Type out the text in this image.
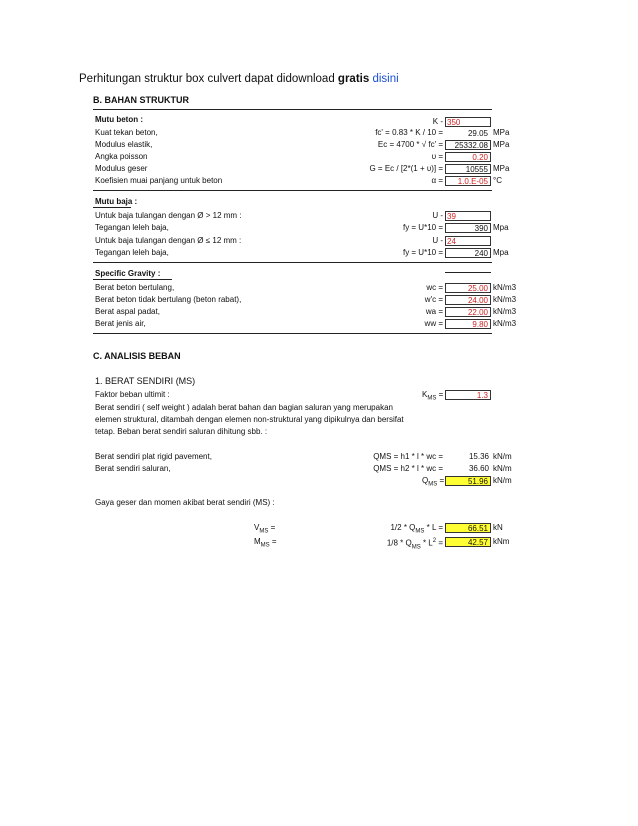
Perhitungan struktur box culvert dapat didownload gratis disini
B. BAHAN STRUKTUR
Mutu beton :	K - 350
Kuat tekan beton,	fc' = 0.83 * K / 10 =	29.05 MPa
Modulus elastik,	Ec = 4700 * √ fc' =	25332.08 MPa
Angka poisson	υ =	0.20
Modulus geser	G = Ec / [2*(1 + υ)] =	10555 MPa
Koefisien muai panjang untuk beton	α =	1.0.E-05 °C
Mutu baja :
Untuk baja tulangan dengan Ø > 12 mm :	U - 39
Tegangan leleh baja,	fy = U*10 =	390 Mpa
Untuk baja tulangan dengan Ø ≤ 12 mm :	U - 24
Tegangan leleh baja,	fy = U*10 =	240 Mpa
Specific Gravity :
Berat beton bertulang,	wc =	25.00 kN/m3
Berat beton tidak bertulang (beton rabat),	w'c =	24.00 kN/m3
Berat aspal padat,	wa =	22.00 kN/m3
Berat jenis air,	ww =	9.80 kN/m3
C. ANALISIS BEBAN
1. BERAT SENDIRI (MS)
Faktor beban ultimit :	$K_{MS}$ =	1.3
Berat sendiri ( self weight ) adalah berat bahan dan bagian saluran yang merupakan
elemen struktural, ditambah dengan elemen non-struktural yang dipikulnya dan bersifat
tetap. Beban berat sendiri saluran dihitung sbb. :
Berat sendiri plat rigid pavement,	QMS = h1 * l * wc =	15.36 kN/m
Berat sendiri saluran,	QMS = h2 * l * wc =	36.60 kN/m
$Q_{MS}$ =	51.96 kN/m
Gaya geser dan momen akibat berat sendiri (MS) :
$V_{MS}$ =	$1/2 * Q_{MS}$ * L =	66.51 kN
$M_{MS}$ =	$1/8 * Q_{MS} * L^2$ =	42.57 kNm
